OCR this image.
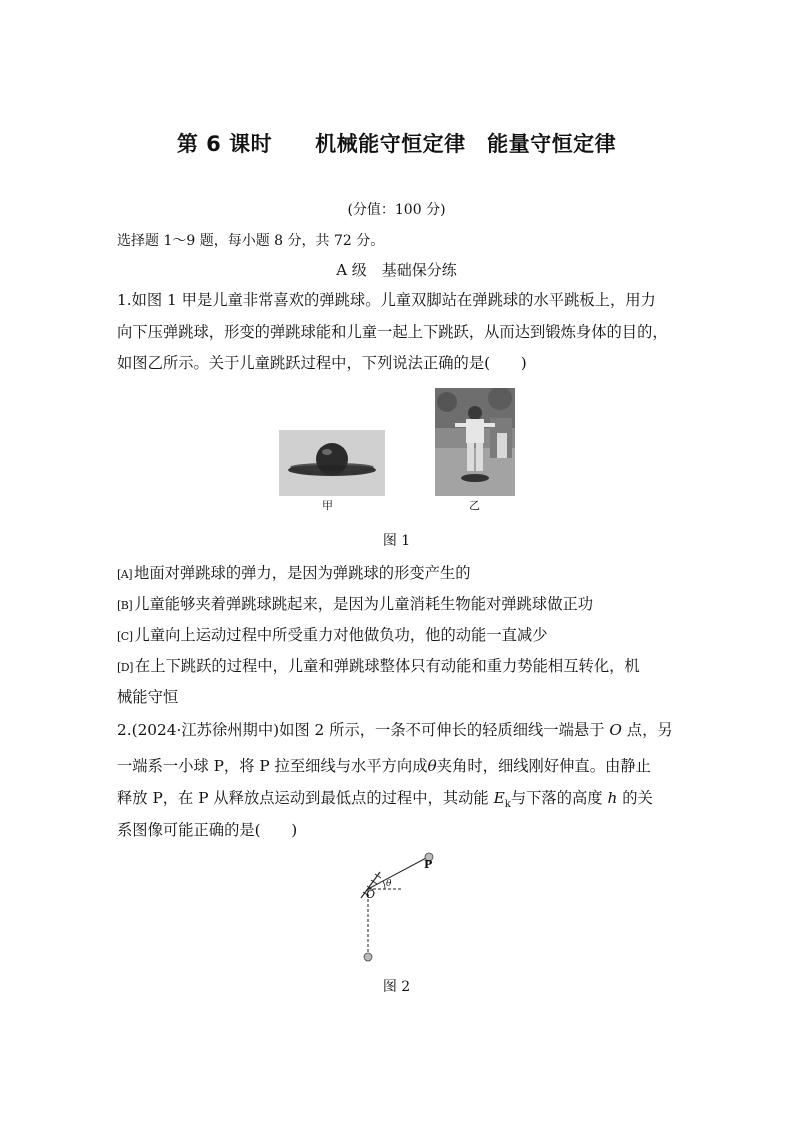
第 6 课时　　机械能守恒定律　能量守恒定律
(分值：100 分)
选择题 1～9 题，每小题 8 分，共 72 分。
A 级　基础保分练
1.如图 1 甲是儿童非常喜欢的弹跳球。儿童双脚站在弹跳球的水平跳板上，用力
向下压弹跳球，形变的弹跳球能和儿童一起上下跳跃，从而达到锻炼身体的目的，
如图乙所示。关于儿童跳跃过程中，下列说法正确的是(　　)
甲	乙
图 1
[A] 地面对弹跳球的弹力，是因为弹跳球的形变产生的
[B] 儿童能够夹着弹跳球跳起来，是因为儿童消耗生物能对弹跳球做正功
[C] 儿童向上运动过程中所受重力对他做负功，他的动能一直减少
[D] 在上下跳跃的过程中，儿童和弹跳球整体只有动能和重力势能相互转化，机
械能守恒
2.(2024·江苏徐州期中)如图 2 所示，一条不可伸长的轻质细线一端悬于 O 点，另
一端系一小球 P，将 P 拉至细线与水平方向成θ夹角时，细线刚好伸直。由静止
释放 P，在 P 从释放点运动到最低点的过程中，其动能 $E_k$与下落的高度 h 的关
系图像可能正确的是(　　)
P
O
θ
图 2
